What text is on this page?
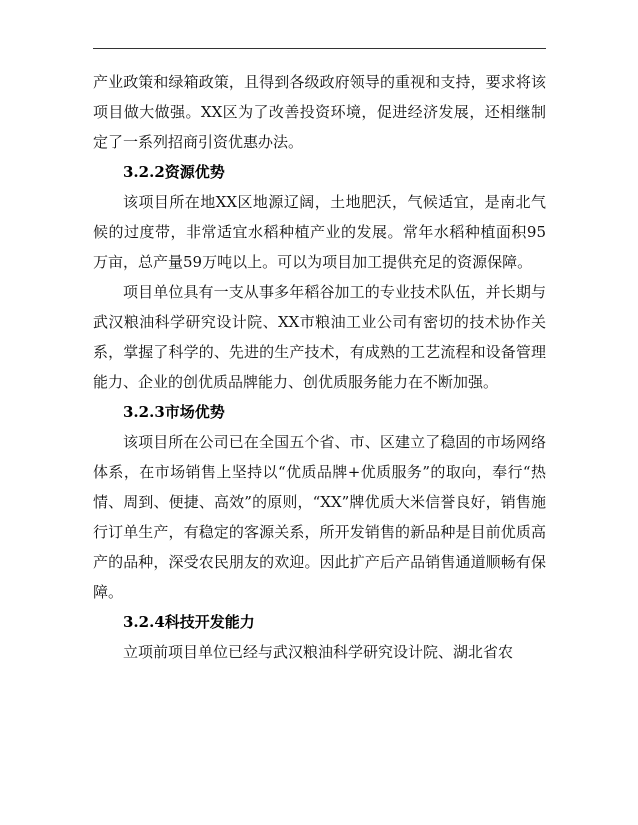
产业政策和绿箱政策，且得到各级政府领导的重视和支持，要求将该项目做大做强。XX区为了改善投资环境，促进经济发展，还相继制定了一系列招商引资优惠办法。

3.2.2资源优势

该项目所在地XX区地源辽阔，土地肥沃，气候适宜，是南北气候的过度带，非常适宜水稻种植产业的发展。常年水稻种植面积95万亩，总产量59万吨以上。可以为项目加工提供充足的资源保障。

项目单位具有一支从事多年稻谷加工的专业技术队伍，并长期与武汉粮油科学研究设计院、XX市粮油工业公司有密切的技术协作关系，掌握了科学的、先进的生产技术，有成熟的工艺流程和设备管理能力、企业的创优质品牌能力、创优质服务能力在不断加强。

3.2.3市场优势

该项目所在公司已在全国五个省、市、区建立了稳固的市场网络体系，在市场销售上坚持以“优质品牌+优质服务”的取向，奉行“热情、周到、便捷、高效”的原则，“XX”牌优质大米信誉良好，销售施行订单生产，有稳定的客源关系，所开发销售的新品种是目前优质高产的品种，深受农民朋友的欢迎。因此扩产后产品销售通道顺畅有保障。

3.2.4科技开发能力

立项前项目单位已经与武汉粮油科学研究设计院、湖北省农
